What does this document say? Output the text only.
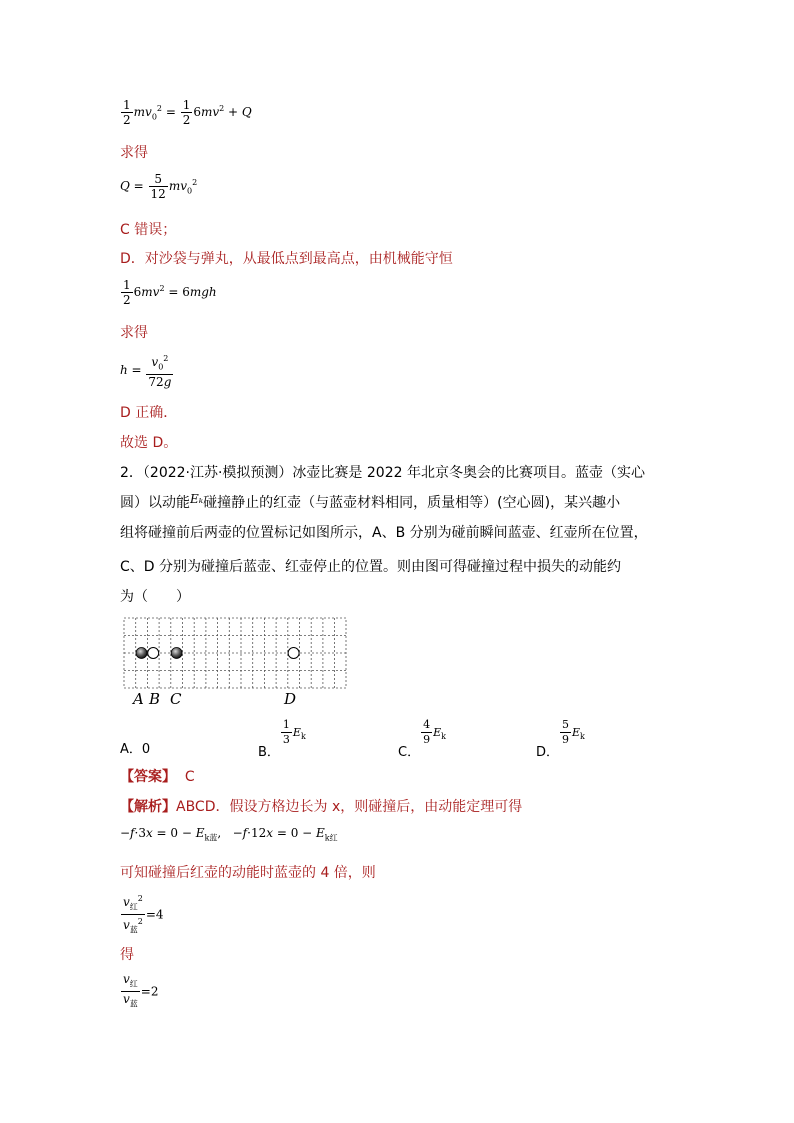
$\frac{1}{2} mv_0^2 = \frac{1}{2} 6mv^2 + Q$
求得
$Q = \frac{5}{12} mv_0^2$
C 错误；
D．对沙袋与弹丸，从最低点到最高点，由机械能守恒
$\frac{1}{2} 6mv^2 = 6mgh$
求得
$h = \frac{v_0^2}{72g}$
D 正确．
故选 D。
2．（2022·江苏·模拟预测）冰壶比赛是 2022 年北京冬奥会的比赛项目。蓝壶（实心
圆）以动能Eₖ碰撞静止的红壶（与蓝壶材料相同，质量相等）(空心圆)，某兴趣小
组将碰撞前后两壶的位置标记如图所示，A、B 分别为碰前瞬间蓝壶、红壶所在位置，
C、D 分别为碰撞后蓝壶、红壶停止的位置。则由图可得碰撞过程中损失的动能约
为（　　）
A B C	D
A．0	B．
$\frac{1}{3} E_k$
C．
$\frac{4}{9} E_k$
D．
$\frac{5}{9} E_k$
【答案】 C
【解析】ABCD．假设方格边长为 x，则碰撞后，由动能定理可得
$-f\cdot 3x = 0 - E_{k蓝}$,   $-f\cdot 12x = 0 - E_{k红}$
可知碰撞后红壶的动能时蓝壶的 4 倍，则
$\frac{v_红^2}{v_蓝^2} =4$
得
$\frac{v_红}{v_蓝} =2$
